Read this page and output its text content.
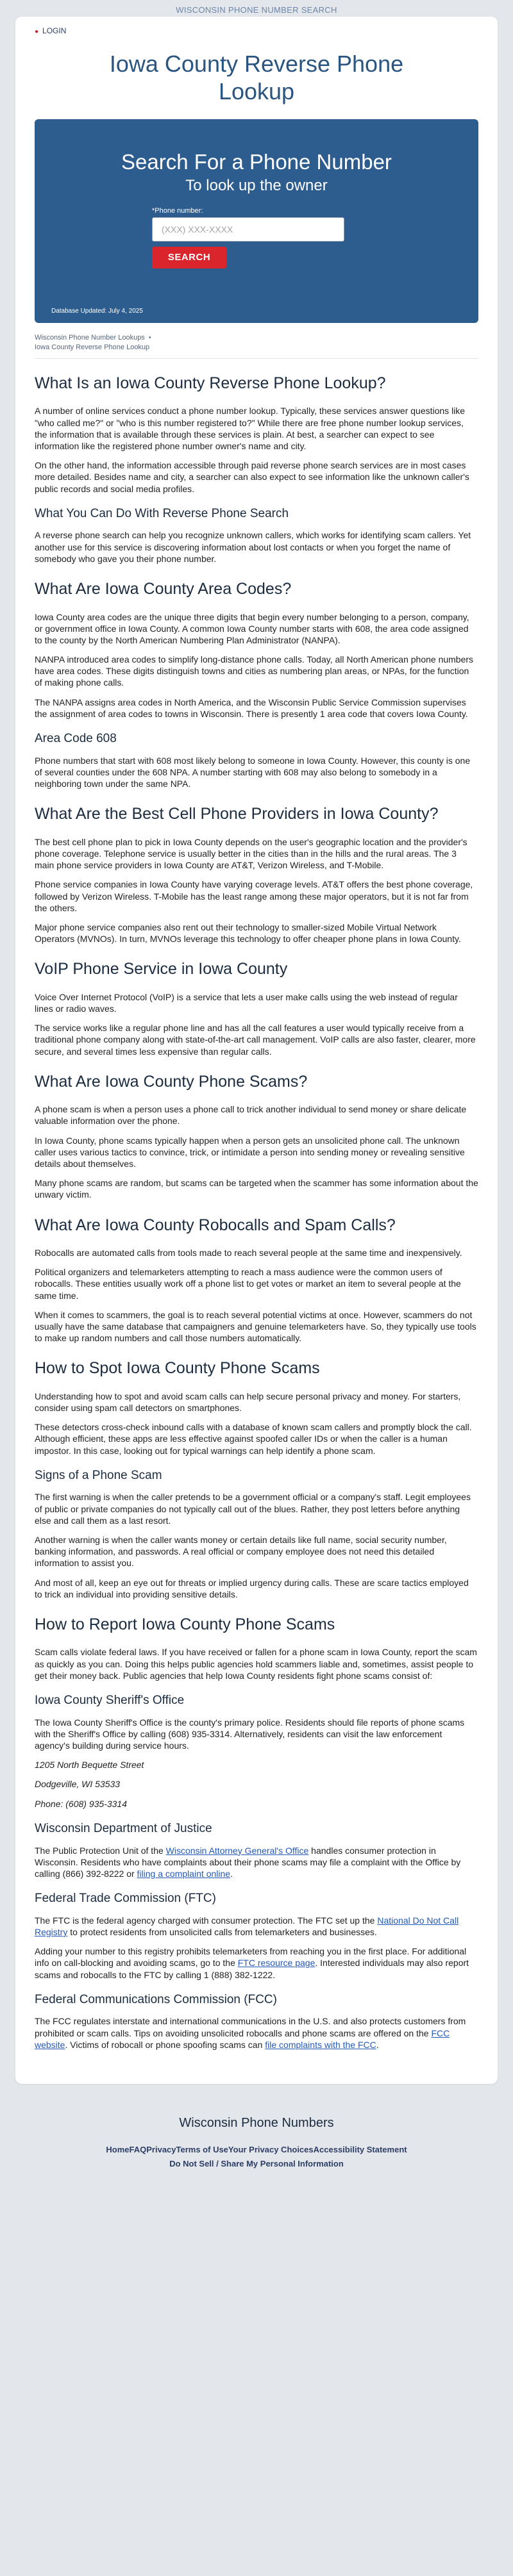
WISCONSIN PHONE NUMBER SEARCH
● LOGIN
Iowa County Reverse Phone Lookup
Search For a Phone Number
To look up the owner
*Phone number:
(XXX) XXX-XXXX
SEARCH
Database Updated: July 4, 2025
Wisconsin Phone Number Lookups •
Iowa County Reverse Phone Lookup
What Is an Iowa County Reverse Phone Lookup?

A number of online services conduct a phone number lookup. Typically, these services answer questions like "who called me?" or "who is this number registered to?" While there are free phone number lookup services, the information that is available through these services is plain. At best, a searcher can expect to see information like the registered phone number owner's name and city.

On the other hand, the information accessible through paid reverse phone search services are in most cases more detailed. Besides name and city, a searcher can also expect to see information like the unknown caller's public records and social media profiles.

What You Can Do With Reverse Phone Search

A reverse phone search can help you recognize unknown callers, which works for identifying scam callers. Yet another use for this service is discovering information about lost contacts or when you forget the name of somebody who gave you their phone number.

What Are Iowa County Area Codes?

Iowa County area codes are the unique three digits that begin every number belonging to a person, company, or government office in Iowa County. A common Iowa County number starts with 608, the area code assigned to the county by the North American Numbering Plan Administrator (NANPA).

NANPA introduced area codes to simplify long-distance phone calls. Today, all North American phone numbers have area codes. These digits distinguish towns and cities as numbering plan areas, or NPAs, for the function of making phone calls.

The NANPA assigns area codes in North America, and the Wisconsin Public Service Commission supervises the assignment of area codes to towns in Wisconsin. There is presently 1 area code that covers Iowa County.

Area Code 608

Phone numbers that start with 608 most likely belong to someone in Iowa County. However, this county is one of several counties under the 608 NPA. A number starting with 608 may also belong to somebody in a neighboring town under the same NPA.

What Are the Best Cell Phone Providers in Iowa County?

The best cell phone plan to pick in Iowa County depends on the user's geographic location and the provider's phone coverage. Telephone service is usually better in the cities than in the hills and the rural areas. The 3 main phone service providers in Iowa County are AT&T, Verizon Wireless, and T-Mobile.

Phone service companies in Iowa County have varying coverage levels. AT&T offers the best phone coverage, followed by Verizon Wireless. T-Mobile has the least range among these major operators, but it is not far from the others.

Major phone service companies also rent out their technology to smaller-sized Mobile Virtual Network Operators (MVNOs). In turn, MVNOs leverage this technology to offer cheaper phone plans in Iowa County.

VoIP Phone Service in Iowa County

Voice Over Internet Protocol (VoIP) is a service that lets a user make calls using the web instead of regular lines or radio waves.

The service works like a regular phone line and has all the call features a user would typically receive from a traditional phone company along with state-of-the-art call management. VoIP calls are also faster, clearer, more secure, and several times less expensive than regular calls.

What Are Iowa County Phone Scams?

A phone scam is when a person uses a phone call to trick another individual to send money or share delicate valuable information over the phone.

In Iowa County, phone scams typically happen when a person gets an unsolicited phone call. The unknown caller uses various tactics to convince, trick, or intimidate a person into sending money or revealing sensitive details about themselves.

Many phone scams are random, but scams can be targeted when the scammer has some information about the unwary victim.

What Are Iowa County Robocalls and Spam Calls?

Robocalls are automated calls from tools made to reach several people at the same time and inexpensively.

Political organizers and telemarketers attempting to reach a mass audience were the common users of robocalls. These entities usually work off a phone list to get votes or market an item to several people at the same time.

When it comes to scammers, the goal is to reach several potential victims at once. However, scammers do not usually have the same database that campaigners and genuine telemarketers have. So, they typically use tools to make up random numbers and call those numbers automatically.

How to Spot Iowa County Phone Scams

Understanding how to spot and avoid scam calls can help secure personal privacy and money. For starters, consider using spam call detectors on smartphones.

These detectors cross-check inbound calls with a database of known scam callers and promptly block the call. Although efficient, these apps are less effective against spoofed caller IDs or when the caller is a human impostor. In this case, looking out for typical warnings can help identify a phone scam.

Signs of a Phone Scam

The first warning is when the caller pretends to be a government official or a company's staff. Legit employees of public or private companies do not typically call out of the blues. Rather, they post letters before anything else and call them as a last resort.

Another warning is when the caller wants money or certain details like full name, social security number, banking information, and passwords. A real official or company employee does not need this detailed information to assist you.

And most of all, keep an eye out for threats or implied urgency during calls. These are scare tactics employed to trick an individual into providing sensitive details.

How to Report Iowa County Phone Scams

Scam calls violate federal laws. If you have received or fallen for a phone scam in Iowa County, report the scam as quickly as you can. Doing this helps public agencies hold scammers liable and, sometimes, assist people to get their money back. Public agencies that help Iowa County residents fight phone scams consist of:

Iowa County Sheriff's Office

The Iowa County Sheriff's Office is the county's primary police. Residents should file reports of phone scams with the Sheriff's Office by calling (608) 935-3314. Alternatively, residents can visit the law enforcement agency's building during service hours.

1205 North Bequette Street

Dodgeville, WI 53533

Phone: (608) 935-3314

Wisconsin Department of Justice

The Public Protection Unit of the Wisconsin Attorney General's Office handles consumer protection in Wisconsin. Residents who have complaints about their phone scams may file a complaint with the Office by calling (866) 392-8222 or filing a complaint online.

Federal Trade Commission (FTC)

The FTC is the federal agency charged with consumer protection. The FTC set up the National Do Not Call Registry to protect residents from unsolicited calls from telemarketers and businesses.

Adding your number to this registry prohibits telemarketers from reaching you in the first place. For additional info on call-blocking and avoiding scams, go to the FTC resource page. Interested individuals may also report scams and robocalls to the FTC by calling 1 (888) 382-1222.

Federal Communications Commission (FCC)

The FCC regulates interstate and international communications in the U.S. and also protects customers from prohibited or scam calls. Tips on avoiding unsolicited robocalls and phone scams are offered on the FCC website. Victims of robocall or phone spoofing scams can file complaints with the FCC.

Wisconsin Phone Numbers
HomeFAQPrivacyTerms of UseYour Privacy ChoicesAccessibility Statement
Do Not Sell / Share My Personal Information
